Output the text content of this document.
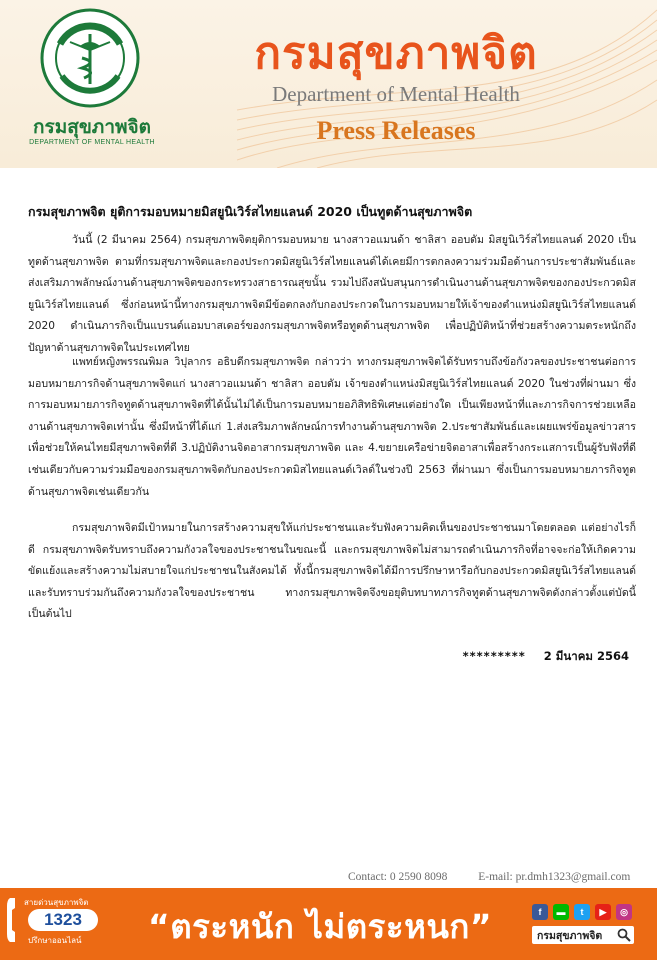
กรมสุขภาพจิต
DEPARTMENT OF MENTAL HEALTH
กรมสุขภาพจิต
Department of Mental Health
Press Releases
กรมสุขภาพจิต ยุติการมอบหมายมิสยูนิเวิร์สไทยแลนด์ 2020 เป็นทูตด้านสุขภาพจิต

วันนี้ (2 มีนาคม 2564) กรมสุขภาพจิตยุติการมอบหมาย นางสาวอแมนด้า ชาลิสา ออบดัม มิสยูนิเวิร์สไทยแลนด์ 2020 เป็นทูตด้านสุขภาพจิต ตามที่กรมสุขภาพจิตและกองประกวดมิสยูนิเวิร์สไทยแลนด์ได้เคยมีการตกลงความร่วมมือด้านการประชาสัมพันธ์และส่งเสริมภาพลักษณ์งานด้านสุขภาพจิตของกระทรวงสาธารณสุขนั้น รวมไปถึงสนับสนุนการดำเนินงานด้านสุขภาพจิตของกองประกวดมิสยูนิเวิร์สไทยแลนด์ ซึ่งก่อนหน้านี้ทางกรมสุขภาพจิตมีข้อตกลงกับกองประกวดในการมอบหมายให้เจ้าของตำแหน่งมิสยูนิเวิร์สไทยแลนด์ 2020 ดำเนินภารกิจเป็นแบรนด์แอมบาสเดอร์ของกรมสุขภาพจิตหรือทูตด้านสุขภาพจิต เพื่อปฏิบัติหน้าที่ช่วยสร้างความตระหนักถึงปัญหาด้านสุขภาพจิตในประเทศไทย

แพทย์หญิงพรรณพิมล วิปุลากร อธิบดีกรมสุขภาพจิต กล่าวว่า ทางกรมสุขภาพจิตได้รับทราบถึงข้อกังวลของประชาชนต่อการมอบหมายภารกิจด้านสุขภาพจิตแก่ นางสาวอแมนด้า ชาลิสา ออบดัม เจ้าของตำแหน่งมิสยูนิเวิร์สไทยแลนด์ 2020 ในช่วงที่ผ่านมา ซึ่งการมอบหมายภารกิจทูตด้านสุขภาพจิตที่ได้นั้นไม่ได้เป็นการมอบหมายอภิสิทธิพิเศษแต่อย่างใด เป็นเพียงหน้าที่และภารกิจการช่วยเหลืองานด้านสุขภาพจิตเท่านั้น ซึ่งมีหน้าที่ได้แก่ 1.ส่งเสริมภาพลักษณ์การทำงานด้านสุขภาพจิต 2.ประชาสัมพันธ์และเผยแพร่ข้อมูลข่าวสารเพื่อช่วยให้คนไทยมีสุขภาพจิตที่ดี 3.ปฏิบัติงานจิตอาสากรมสุขภาพจิต และ 4.ขยายเครือข่ายจิตอาสาเพื่อสร้างกระแสการเป็นผู้รับฟังที่ดี เช่นเดียวกับความร่วมมือของกรมสุขภาพจิตกับกองประกวดมิสไทยแลนด์เวิลด์ในช่วงปี 2563 ที่ผ่านมา ซึ่งเป็นการมอบหมายภารกิจทูตด้านสุขภาพจิตเช่นเดียวกัน

กรมสุขภาพจิตมีเป้าหมายในการสร้างความสุขให้แก่ประชาชนและรับฟังความคิดเห็นของประชาชนมาโดยตลอด แต่อย่างไรก็ดี กรมสุขภาพจิตรับทราบถึงความกังวลใจของประชาชนในขณะนี้ และกรมสุขภาพจิตไม่สามารถดำเนินภารกิจที่อาจจะก่อให้เกิดความขัดแย้งและสร้างความไม่สบายใจแก่ประชาชนในสังคมได้ ทั้งนี้กรมสุขภาพจิตได้มีการปรึกษาหารือกับกองประกวดมิสยูนิเวิร์สไทยแลนด์และรับทราบร่วมกันถึงความกังวลใจของประชาชน ทางกรมสุขภาพจิตจึงขอยุติบทบาทภารกิจทูตด้านสุขภาพจิตดังกล่าวตั้งแต่บัดนี้เป็นต้นไป

********* 2 มีนาคม 2564
Contact: 0 2590 8098	E-mail: pr.dmh1323@gmail.com
สายด่วนสุขภาพจิต
1323
ปรึกษาออนไลน์ “ตระหนัก ไม่ตระหนก”	f	▬	t	▶	◎
กรมสุขภาพจิต
